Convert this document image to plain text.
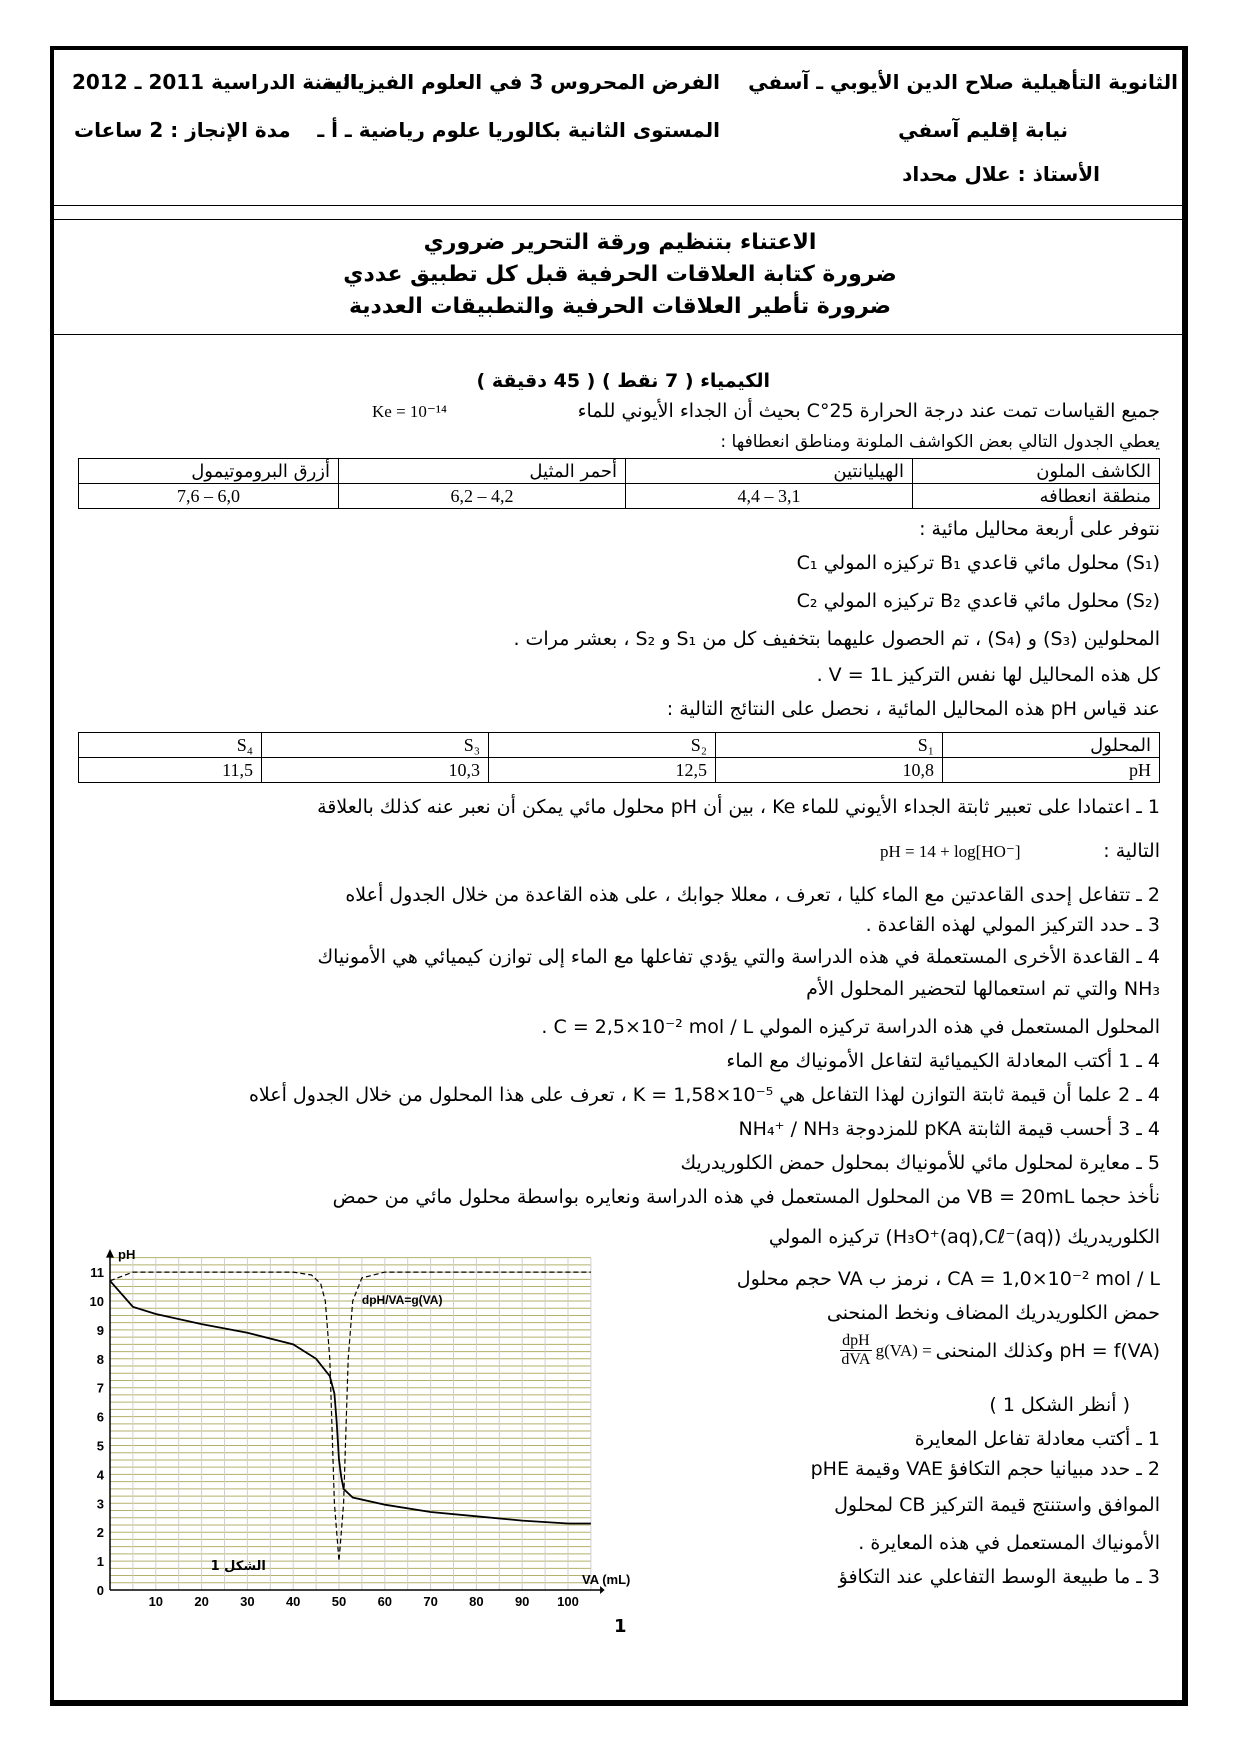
الثانوية التأهيلية صلاح الدين الأيوبي ـ آسفي
الفرض المحروس 3 في العلوم الفيزيائية
السنة الدراسية 2011 ـ 2012
نيابة إقليم آسفي
المستوى الثانية بكالوريا علوم رياضية ـ أ ـ
مدة الإنجاز : 2 ساعات
الأستاذ : علال محداد
الاعتناء بتنظيم ورقة التحرير ضروري
ضرورة كتابة العلاقات الحرفية قبل كل تطبيق عددي
ضرورة تأطير العلاقات الحرفية والتطبيقات العددية
الكيمياء ( 7 نقط ) ( 45 دقيقة )
جميع القياسات تمت عند درجة الحرارة 25°C بحيث أن الجداء الأيوني للماء
Ke = 10⁻¹⁴
يعطي الجدول التالي بعض الكواشف الملونة ومناطق انعطافها :
الكاشف الملون	الهيليانتين	أحمر المثيل	أزرق البروموتيمول
منطقة انعطافه	3,1 – 4,4	4,2 – 6,2	6,0 – 7,6
نتوفر على أربعة محاليل مائية :
(S₁) محلول مائي قاعدي B₁ تركيزه المولي C₁
(S₂) محلول مائي قاعدي B₂ تركيزه المولي C₂
المحلولين (S₃) و (S₄) ، تم الحصول عليهما بتخفيف كل من S₁ و S₂ ، بعشر مرات .
كل هذه المحاليل لها نفس التركيز V = 1L .
عند قياس pH هذه المحاليل المائية ، نحصل على النتائج التالية :
المحلول	S₁	S₂	S₃	S₄
pH	10,8	12,5	10,3	11,5
1 ـ اعتمادا على تعبير ثابتة الجداء الأيوني للماء Ke ، بين أن pH محلول مائي يمكن أن نعبر عنه كذلك بالعلاقة
التالية :
pH = 14 + log[HO⁻]
2 ـ تتفاعل إحدى القاعدتين مع الماء كليا ، تعرف ، معللا جوابك ، على هذه القاعدة من خلال الجدول أعلاه
3 ـ حدد التركيز المولي لهذه القاعدة .
4 ـ القاعدة الأخرى المستعملة في هذه الدراسة والتي يؤدي تفاعلها مع الماء إلى توازن كيميائي هي الأمونياك
NH₃ والتي تم استعمالها لتحضير المحلول الأم
المحلول المستعمل في هذه الدراسة تركيزه المولي C = 2,5×10⁻² mol / L .
4 ـ 1 أكتب المعادلة الكيميائية لتفاعل الأمونياك مع الماء
4 ـ 2 علما أن قيمة ثابتة التوازن لهذا التفاعل هي K = 1,58×10⁻⁵ ، تعرف على هذا المحلول من خلال الجدول أعلاه
4 ـ 3 أحسب قيمة الثابتة pKA للمزدوجة NH₄⁺ / NH₃
5 ـ معايرة لمحلول مائي للأمونياك بمحلول حمض الكلوريدريك
نأخذ حجما VB = 20mL من المحلول المستعمل في هذه الدراسة ونعايره بواسطة محلول مائي من حمض
الكلوريدريك (H₃O⁺(aq),Cℓ⁻(aq)) تركيزه المولي
CA = 1,0×10⁻² mol / L ، نرمز ب VA حجم محلول
حمض الكلوريدريك المضاف ونخط المنحنى
pH = f(VA) وكذلك المنحنى
= g(VA)
$\frac{\text{dpH}}{\text{dVA}}$
( أنظر الشكل 1 )
1 ـ أكتب معادلة تفاعل المعايرة
2 ـ حدد مبيانيا حجم التكافؤ VAE وقيمة pHE
الموافق واستنتج قيمة التركيز CB لمحلول
الأمونياك المستعمل في هذه المعايرة .
3 ـ ما طبيعة الوسط التفاعلي عند التكافؤ
10 20 30 40 50 60 70 80 90 100
0
1
2
3
4
5
6
7
8
9
10
11
pH
VA (mL)
dpH/VA=g(VA)
الشكل 1
1
